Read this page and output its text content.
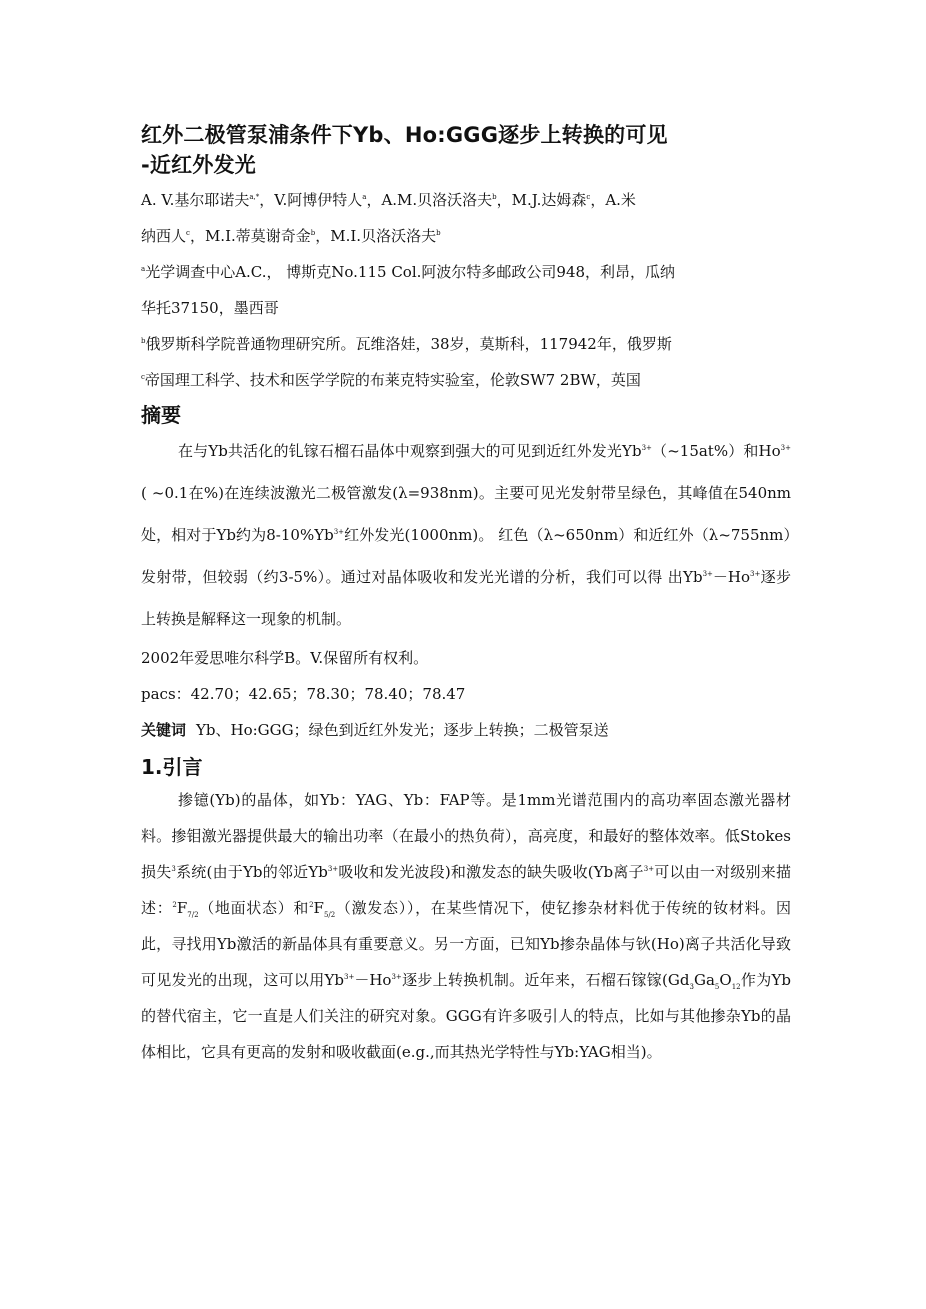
红外二极管泵浦条件下Yb、Ho:GGG逐步上转换的可见
-近红外发光
A. V.基尔耶诺夫$^{a,*}$，V.阿博伊特人$^a$，A.M.贝洛沃洛夫$^b$，M.J.达姆森$^c$，A.米
纳西人$^c$，M.I.蒂莫谢奇金$^b$，M.I.贝洛沃洛夫$^b$
$^a$光学调查中心A.C.， 博斯克No.115 Col.阿波尔特多邮政公司948，利昂，瓜纳
华托37150，墨西哥
$^b$俄罗斯科学院普通物理研究所。瓦维洛娃，38岁，莫斯科，117942年，俄罗斯
$^c$帝国理工科学、技术和医学学院的布莱克特实验室，伦敦SW7 2BW，英国
摘要
在与Yb共活化的钆镓石榴石晶体中观察到强大的可见到近红外发光$Yb^{3+}(\sim 15at\%)$和$Ho^{3+}$( ~0.1在%)在连续波激光二极管激发(λ=938nm)。主要可见光发射带呈绿色，其峰值在540nm处，相对于Yb约为$8-10\%Yb^{3+}$红外发光(1000nm)。 红色（λ~650nm）和近红外（λ~755nm）发射带，但较弱（约3-5%）。通过对晶体吸收和发光光谱的分析，我们可以得 出$Yb^{3+}-Ho^{3+}$逐步上转换是解释这一现象的机制。
2002年爱思唯尔科学B。V.保留所有权利。
pacs：42.70；42.65；78.30；78.40；78.47
关键词 Yb、Ho:GGG；绿色到近红外发光；逐步上转换；二极管泵送
1.引言
掺镱(Yb)的晶体，如Yb：YAG、Yb：FAP等。是1mm光谱范围内的高功率固态激光器材料。掺钼激光器提供最大的输出功率（在最小的热负荷），高亮度，和最好的整体效率。低Stokes损失$^3$系统(由于Yb的邻近$Yb^{3+}$吸收和发光波段)和激发态的缺失吸收(Yb离子$^{3+}$可以由一对级别来描述：$^2F_{7/2}$（地面状态）和$^2F_{5/2}$（激发态）），在某些情况下，使钇掺杂材料优于传统的钕材料。因此，寻找用Yb激活的新晶体具有重要意义。另一方面，已知Yb掺杂晶体与钬(Ho)离子共活化导致可见发光的出现，这可以用$Yb^{3+}-Ho^{3+}$逐步上转换机制。近年来，石榴石镓镓($Gd_3Ga_5O_{12}$作为Yb的替代宿主，它一直是人们关注的研究对象。GGG有许多吸引人的特点，比如与其他掺杂Yb的晶体相比，它具有更高的发射和吸收截面(e.g.,而其热光学特性与Yb:YAG相当)。
